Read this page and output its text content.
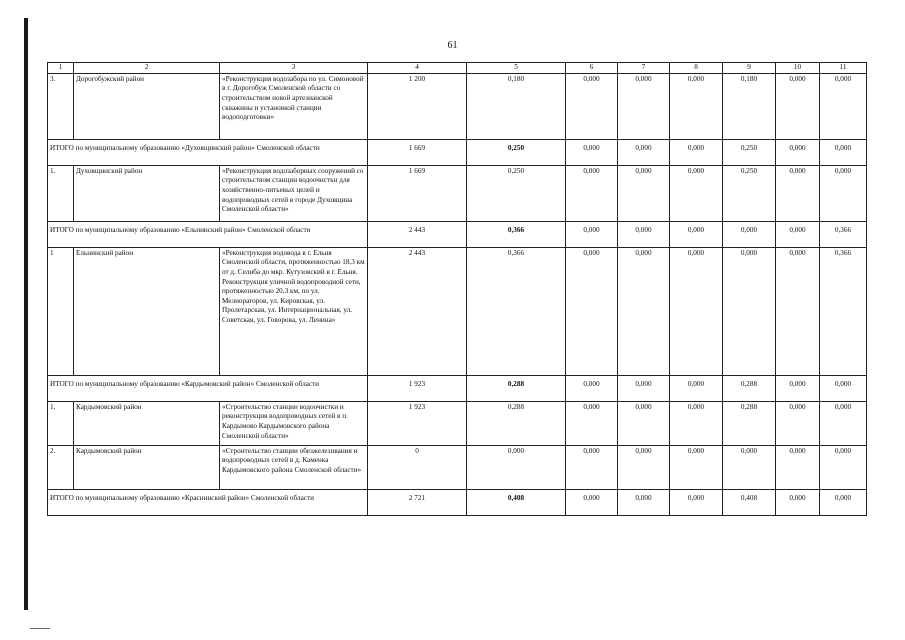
61
1	2	3	4	5	6	7	8	9	10	11
3.	Дорогобужский район	«Реконструкция водозабора по ул. Симоновой в г. Дорогобуж Смоленской области со строительством новой артезианской скважины и установкой станции водоподготовки»	1 200	0,180	0,000	0,000	0,000	0,180	0,000	0,000
ИТОГО по муниципальному образованию «Духовщинский район» Смоленской области			1 669	0,250	0,000	0,000	0,000	0,250	0,000	0,000
1.	Духовщинский район	«Реконструкция водозаборных сооружений со строительством станции водоочистки для хозяйственно-питьевых целей и водопроводных сетей в городе Духовщина Смоленской области»	1 669	0,250	0,000	0,000	0,000	0,250	0,000	0,000
ИТОГО по муниципальному образованию «Ельнинский район» Смоленской области			2 443	0,366	0,000	0,000	0,000	0,000	0,000	0,366
1	Ельнинский район	«Реконструкция водовода в г. Ельня Смоленской области, протяженностью 18,3 км от д. Селиба до мкр. Кутузовский в г. Ельня. Реконструкция уличной водопроводной сети, протяженностью 20,3 км, по ул. Мелиораторов, ул. Кировская, ул. Пролетарская, ул. Интернациональная, ул. Советская, ул. Говорова, ул. Ленина»	2 443	0,366	0,000	0,000	0,000	0,000	0,000	0,366
ИТОГО по муниципальному образованию «Кардымовский район» Смоленской области			1 923	0,288	0,000	0,000	0,000	0,288	0,000	0,000
1.	Кардымовский район	«Строительство станции водоочистки и реконструкция водопроводных сетей в п. Кардымово Кардымовского района Смоленской области»	1 923	0,288	0,000	0,000	0,000	0,288	0,000	0,000
2.	Кардымовский район	«Строительство станции обезжелезивания и водопроводных сетей в д. Каменка Кардымовского района Смоленской области»	0	0,000	0,000	0,000	0,000	0,000	0,000	0,000
ИТОГО по муниципальному образованию «Краснинский район» Смоленской области			2 721	0,408	0,000	0,000	0,000	0,408	0,000	0,000
